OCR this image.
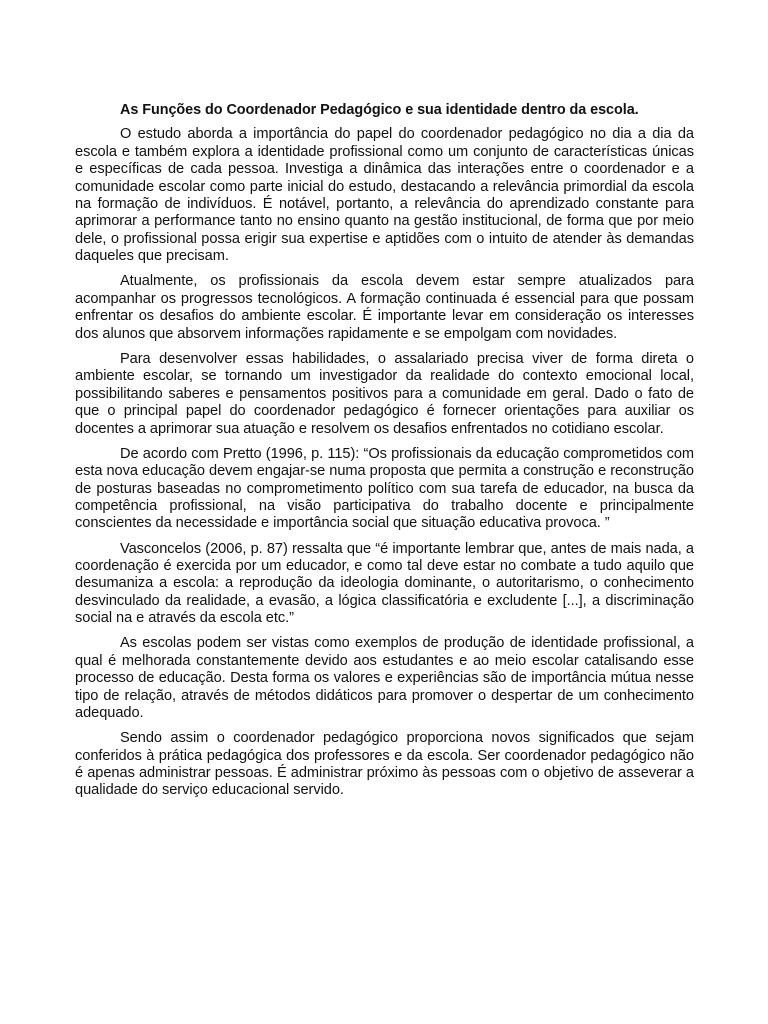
As Funções do Coordenador Pedagógico e sua identidade dentro da escola.

O estudo aborda a importância do papel do coordenador pedagógico no dia a dia da escola e também explora a identidade profissional como um conjunto de características únicas e específicas de cada pessoa. Investiga a dinâmica das interações entre o coordenador e a comunidade escolar como parte inicial do estudo, destacando a relevância primordial da escola na formação de indivíduos. É notável, portanto, a relevância do aprendizado constante para aprimorar a performance tanto no ensino quanto na gestão institucional, de forma que por meio dele, o profissional possa erigir sua expertise e aptidões com o intuito de atender às demandas daqueles que precisam.

Atualmente, os profissionais da escola devem estar sempre atualizados para acompanhar os progressos tecnológicos. A formação continuada é essencial para que possam enfrentar os desafios do ambiente escolar. É importante levar em consideração os interesses dos alunos que absorvem informações rapidamente e se empolgam com novidades.

Para desenvolver essas habilidades, o assalariado precisa viver de forma direta o ambiente escolar, se tornando um investigador da realidade do contexto emocional local, possibilitando saberes e pensamentos positivos para a comunidade em geral. Dado o fato de que o principal papel do coordenador pedagógico é fornecer orientações para auxiliar os docentes a aprimorar sua atuação e resolvem os desafios enfrentados no cotidiano escolar.

De acordo com Pretto (1996, p. 115): “Os profissionais da educação comprometidos com esta nova educação devem engajar-se numa proposta que permita a construção e reconstrução de posturas baseadas no comprometimento político com sua tarefa de educador, na busca da competência profissional, na visão participativa do trabalho docente e principalmente conscientes da necessidade e importância social que situação educativa provoca. ”

Vasconcelos (2006, p. 87) ressalta que “é importante lembrar que, antes de mais nada, a coordenação é exercida por um educador, e como tal deve estar no combate a tudo aquilo que desumaniza a escola: a reprodução da ideologia dominante, o autoritarismo, o conhecimento desvinculado da realidade, a evasão, a lógica classificatória e excludente [...], a discriminação social na e através da escola etc.”

As escolas podem ser vistas como exemplos de produção de identidade profissional, a qual é melhorada constantemente devido aos estudantes e ao meio escolar catalisando esse processo de educação. Desta forma os valores e experiências são de importância mútua nesse tipo de relação, através de métodos didáticos para promover o despertar de um conhecimento adequado.

Sendo assim o coordenador pedagógico proporciona novos significados que sejam conferidos à prática pedagógica dos professores e da escola. Ser coordenador pedagógico não é apenas administrar pessoas. É administrar próximo às pessoas com o objetivo de asseverar a qualidade do serviço educacional servido.
